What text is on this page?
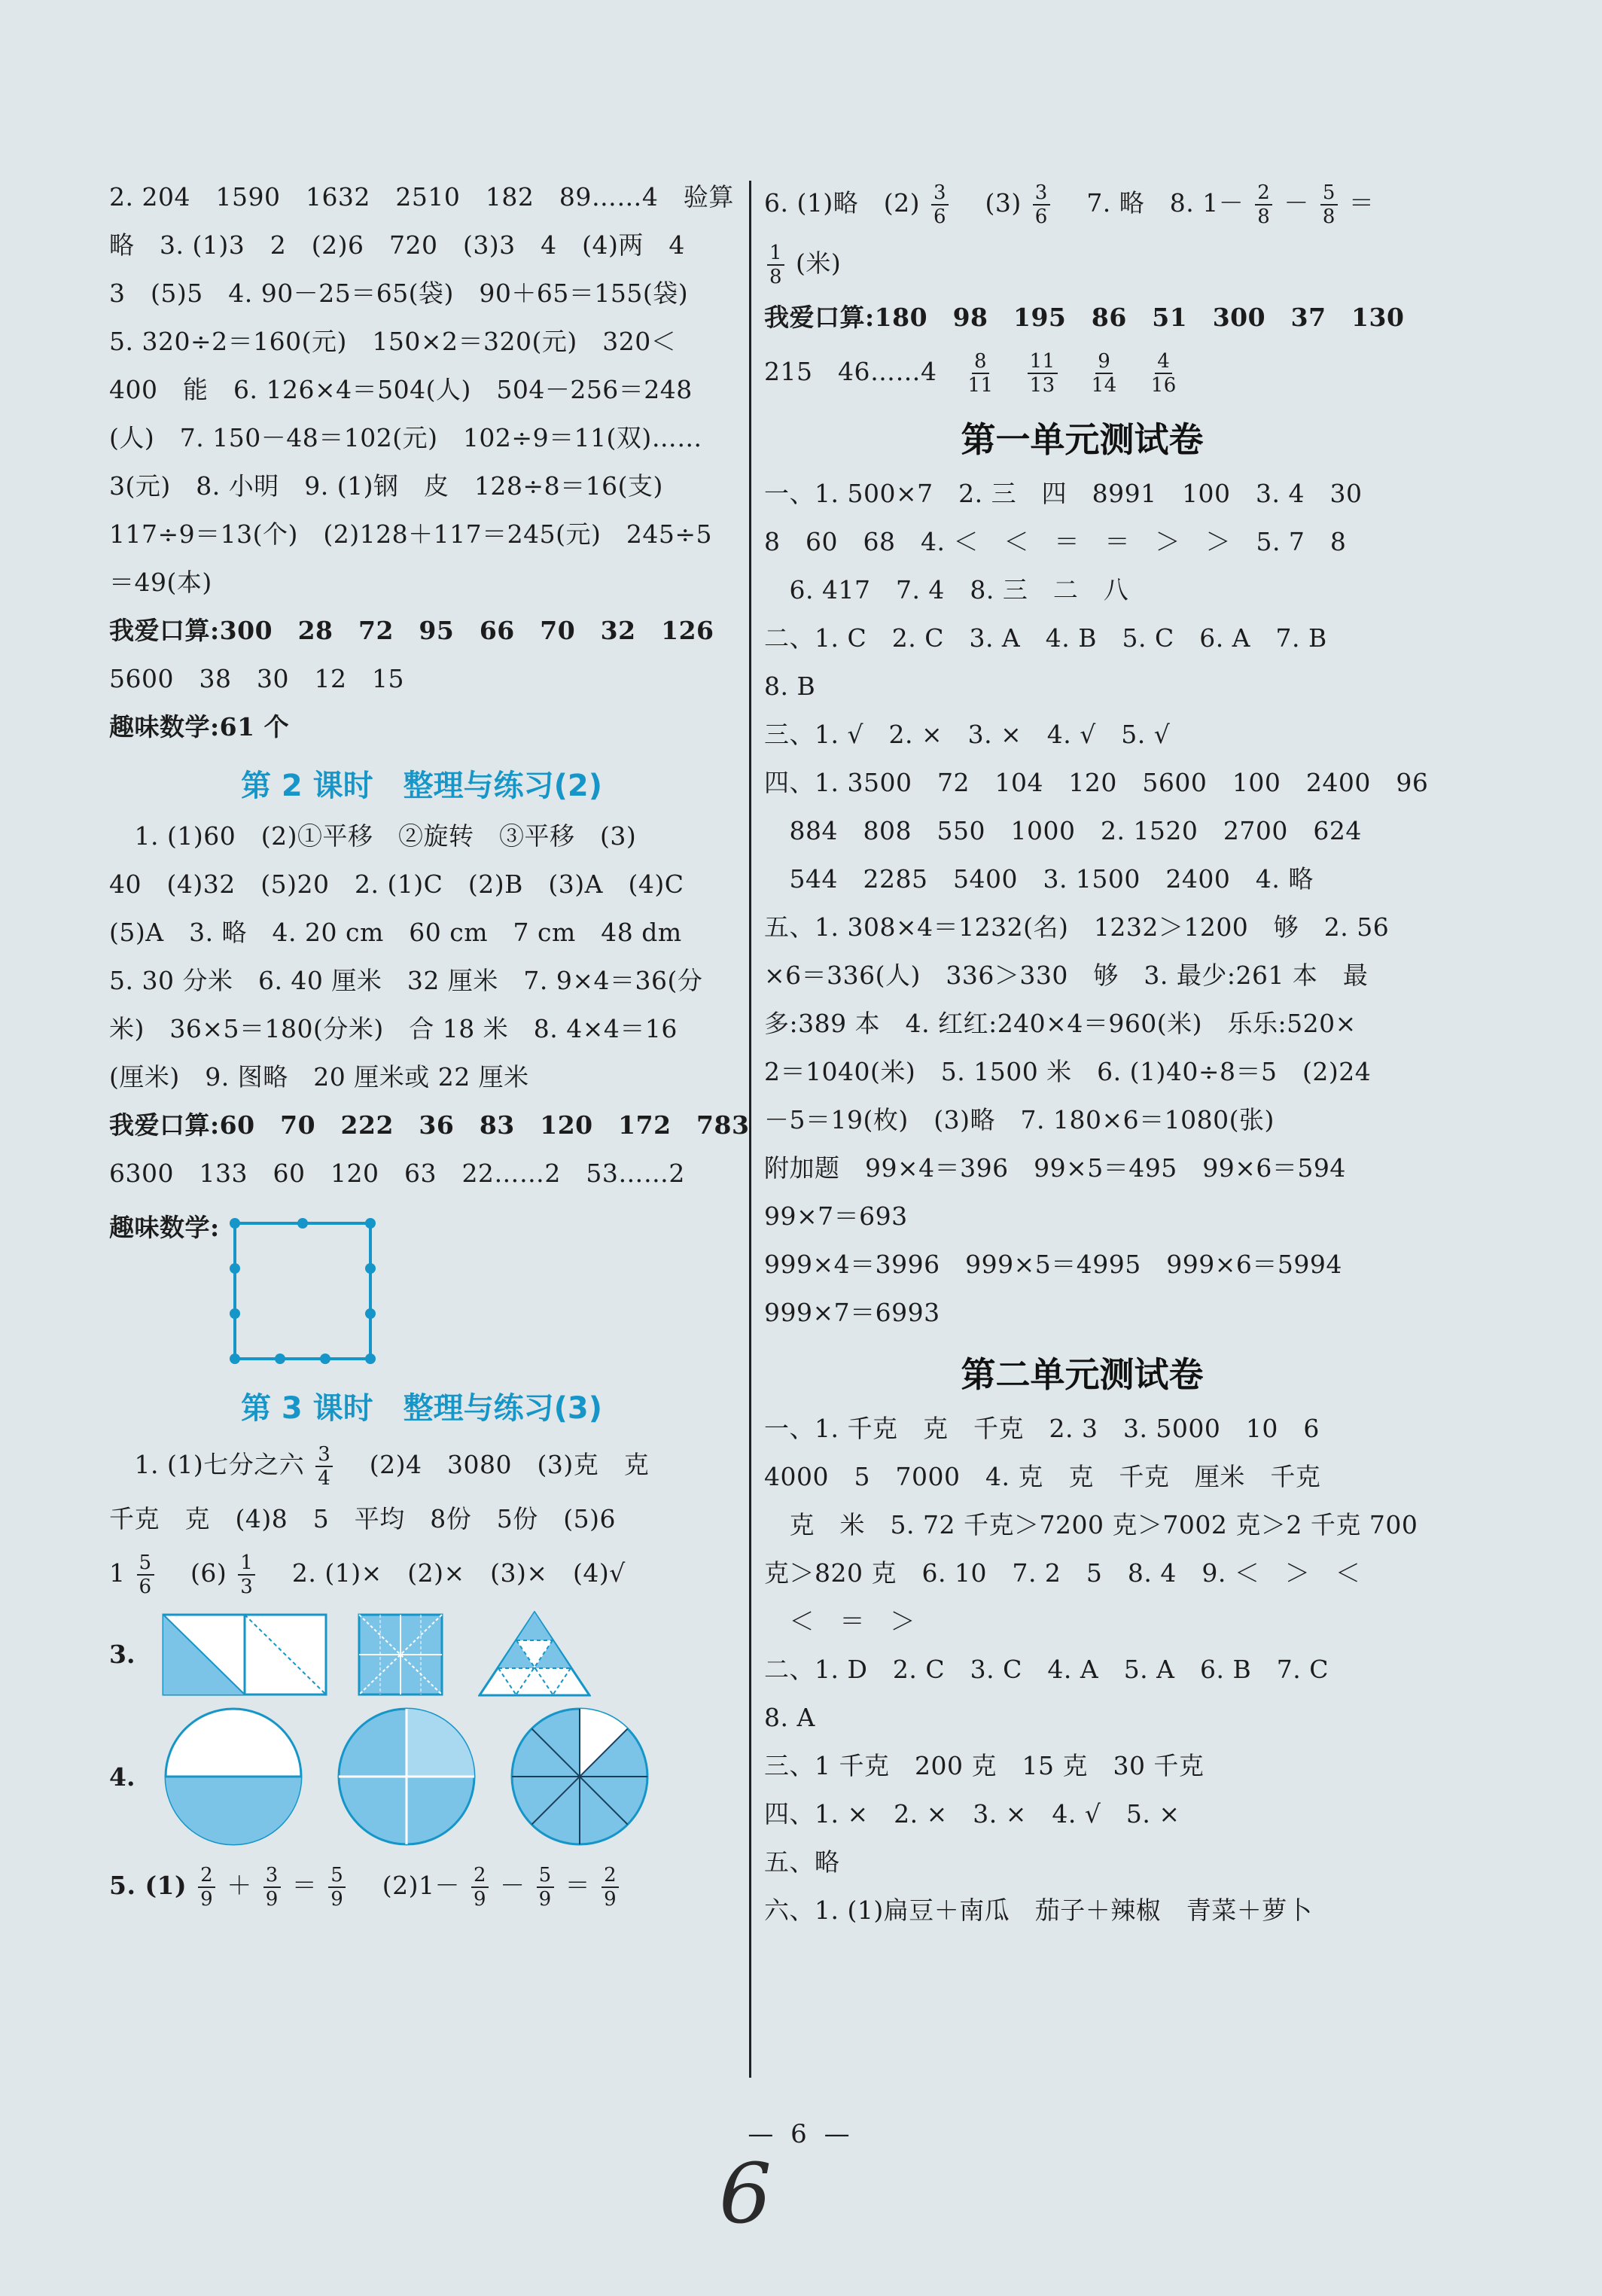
2. 204　1590　1632　2510　182　89……4　验算
略　3. (1)3　2　(2)6　720　(3)3　4　(4)两　4
3　(5)5　4. 90－25＝65(袋)　90＋65＝155(袋)
5. 320÷2＝160(元)　150×2＝320(元)　320＜
400　能　6. 126×4＝504(人)　504－256＝248
(人)　7. 150－48＝102(元)　102÷9＝11(双)……
3(元)　8. 小明　9. (1)钢　皮　128÷8＝16(支)
117÷9＝13(个)　(2)128＋117＝245(元)　245÷5
＝49(本)
我爱口算:300　28　72　95　66　70　32　126
5600　38　30　12　15
趣味数学:61 个
第 2 课时　整理与练习(2)
　1. (1)60　(2)①平移　②旋转　③平移　(3)
40　(4)32　(5)20　2. (1)C　(2)B　(3)A　(4)C
(5)A　3. 略　4. 20 cm　60 cm　7 cm　48 dm
5. 30 分米　6. 40 厘米　32 厘米　7. 9×4＝36(分
米)　36×5＝180(分米)　合 18 米　8. 4×4＝16
(厘米)　9. 图略　20 厘米或 22 厘米
我爱口算:60　70　222　36　83　120　172　783
6300　133　60　120　63　22……2　53……2
趣味数学:
第 3 课时　整理与练习(3)
　1. (1)七分之六 $\frac{3}{4}$ 　(2)4　3080　(3)克　克
千克　克　(4)8　5　平均　8份　5份　(5)6
$1 \frac{5}{6}$ 　$(6) \frac{1}{3}$ 　2. (1)×　(2)×　(3)×　(4)√
3.
4.
5. $(1) \frac{2}{9} + \frac{3}{9} = \frac{5}{9}$ 　$(2)1- \frac{2}{9} - \frac{5}{9} = \frac{2}{9}$
6. (1)略　$(2) \frac{3}{6}$ 　$(3) \frac{3}{6}$ 　7. 略　8. $1- \frac{2}{8} - \frac{5}{8}$ ＝
$\frac{1}{8}$ (米)
我爱口算:180　98　195　86　51　300　37　130
215　46……4 $\frac{8}{11}$
$\frac{11}{13}$
$\frac{9}{14}$
$\frac{4}{16}$
第一单元测试卷
一、1. 500×7　2. 三　四　8991　100　3. 4　30
8　60　68　4. ＜　＜　＝　＝　＞　＞　5. 7　8
　6. 417　7. 4　8. 三　二　八
二、1. C　2. C　3. A　4. B　5. C　6. A　7. B
8. B
三、1. √　2. ×　3. ×　4. √　5. √
四、1. 3500　72　104　120　5600　100　2400　96
　884　808　550　1000　2. 1520　2700　624
　544　2285　5400　3. 1500　2400　4. 略
五、1. 308×4＝1232(名)　1232＞1200　够　2. 56
×6＝336(人)　336＞330　够　3. 最少:261 本　最
多:389 本　4. 红红:240×4＝960(米)　乐乐:520×
2＝1040(米)　5. 1500 米　6. (1)40÷8＝5　(2)24
－5＝19(枚)　(3)略　7. 180×6＝1080(张)
附加题　99×4＝396　99×5＝495　99×6＝594
99×7＝693
999×4＝3996　999×5＝4995　999×6＝5994
999×7＝6993
第二单元测试卷
一、1. 千克　克　千克　2. 3　3. 5000　10　6
4000　5　7000　4. 克　克　千克　厘米　千克
　克　米　5. 72 千克＞7200 克＞7002 克＞2 千克 700
克＞820 克　6. 10　7. 2　5　8. 4　9. ＜　＞　＜
　＜　＝　＞
二、1. D　2. C　3. C　4. A　5. A　6. B　7. C
8. A
三、1 千克　200 克　15 克　30 千克
四、1. ×　2. ×　3. ×　4. √　5. ×
五、略
六、1. (1)扁豆＋南瓜　茄子＋辣椒　青菜＋萝卜
— 6 —
6
